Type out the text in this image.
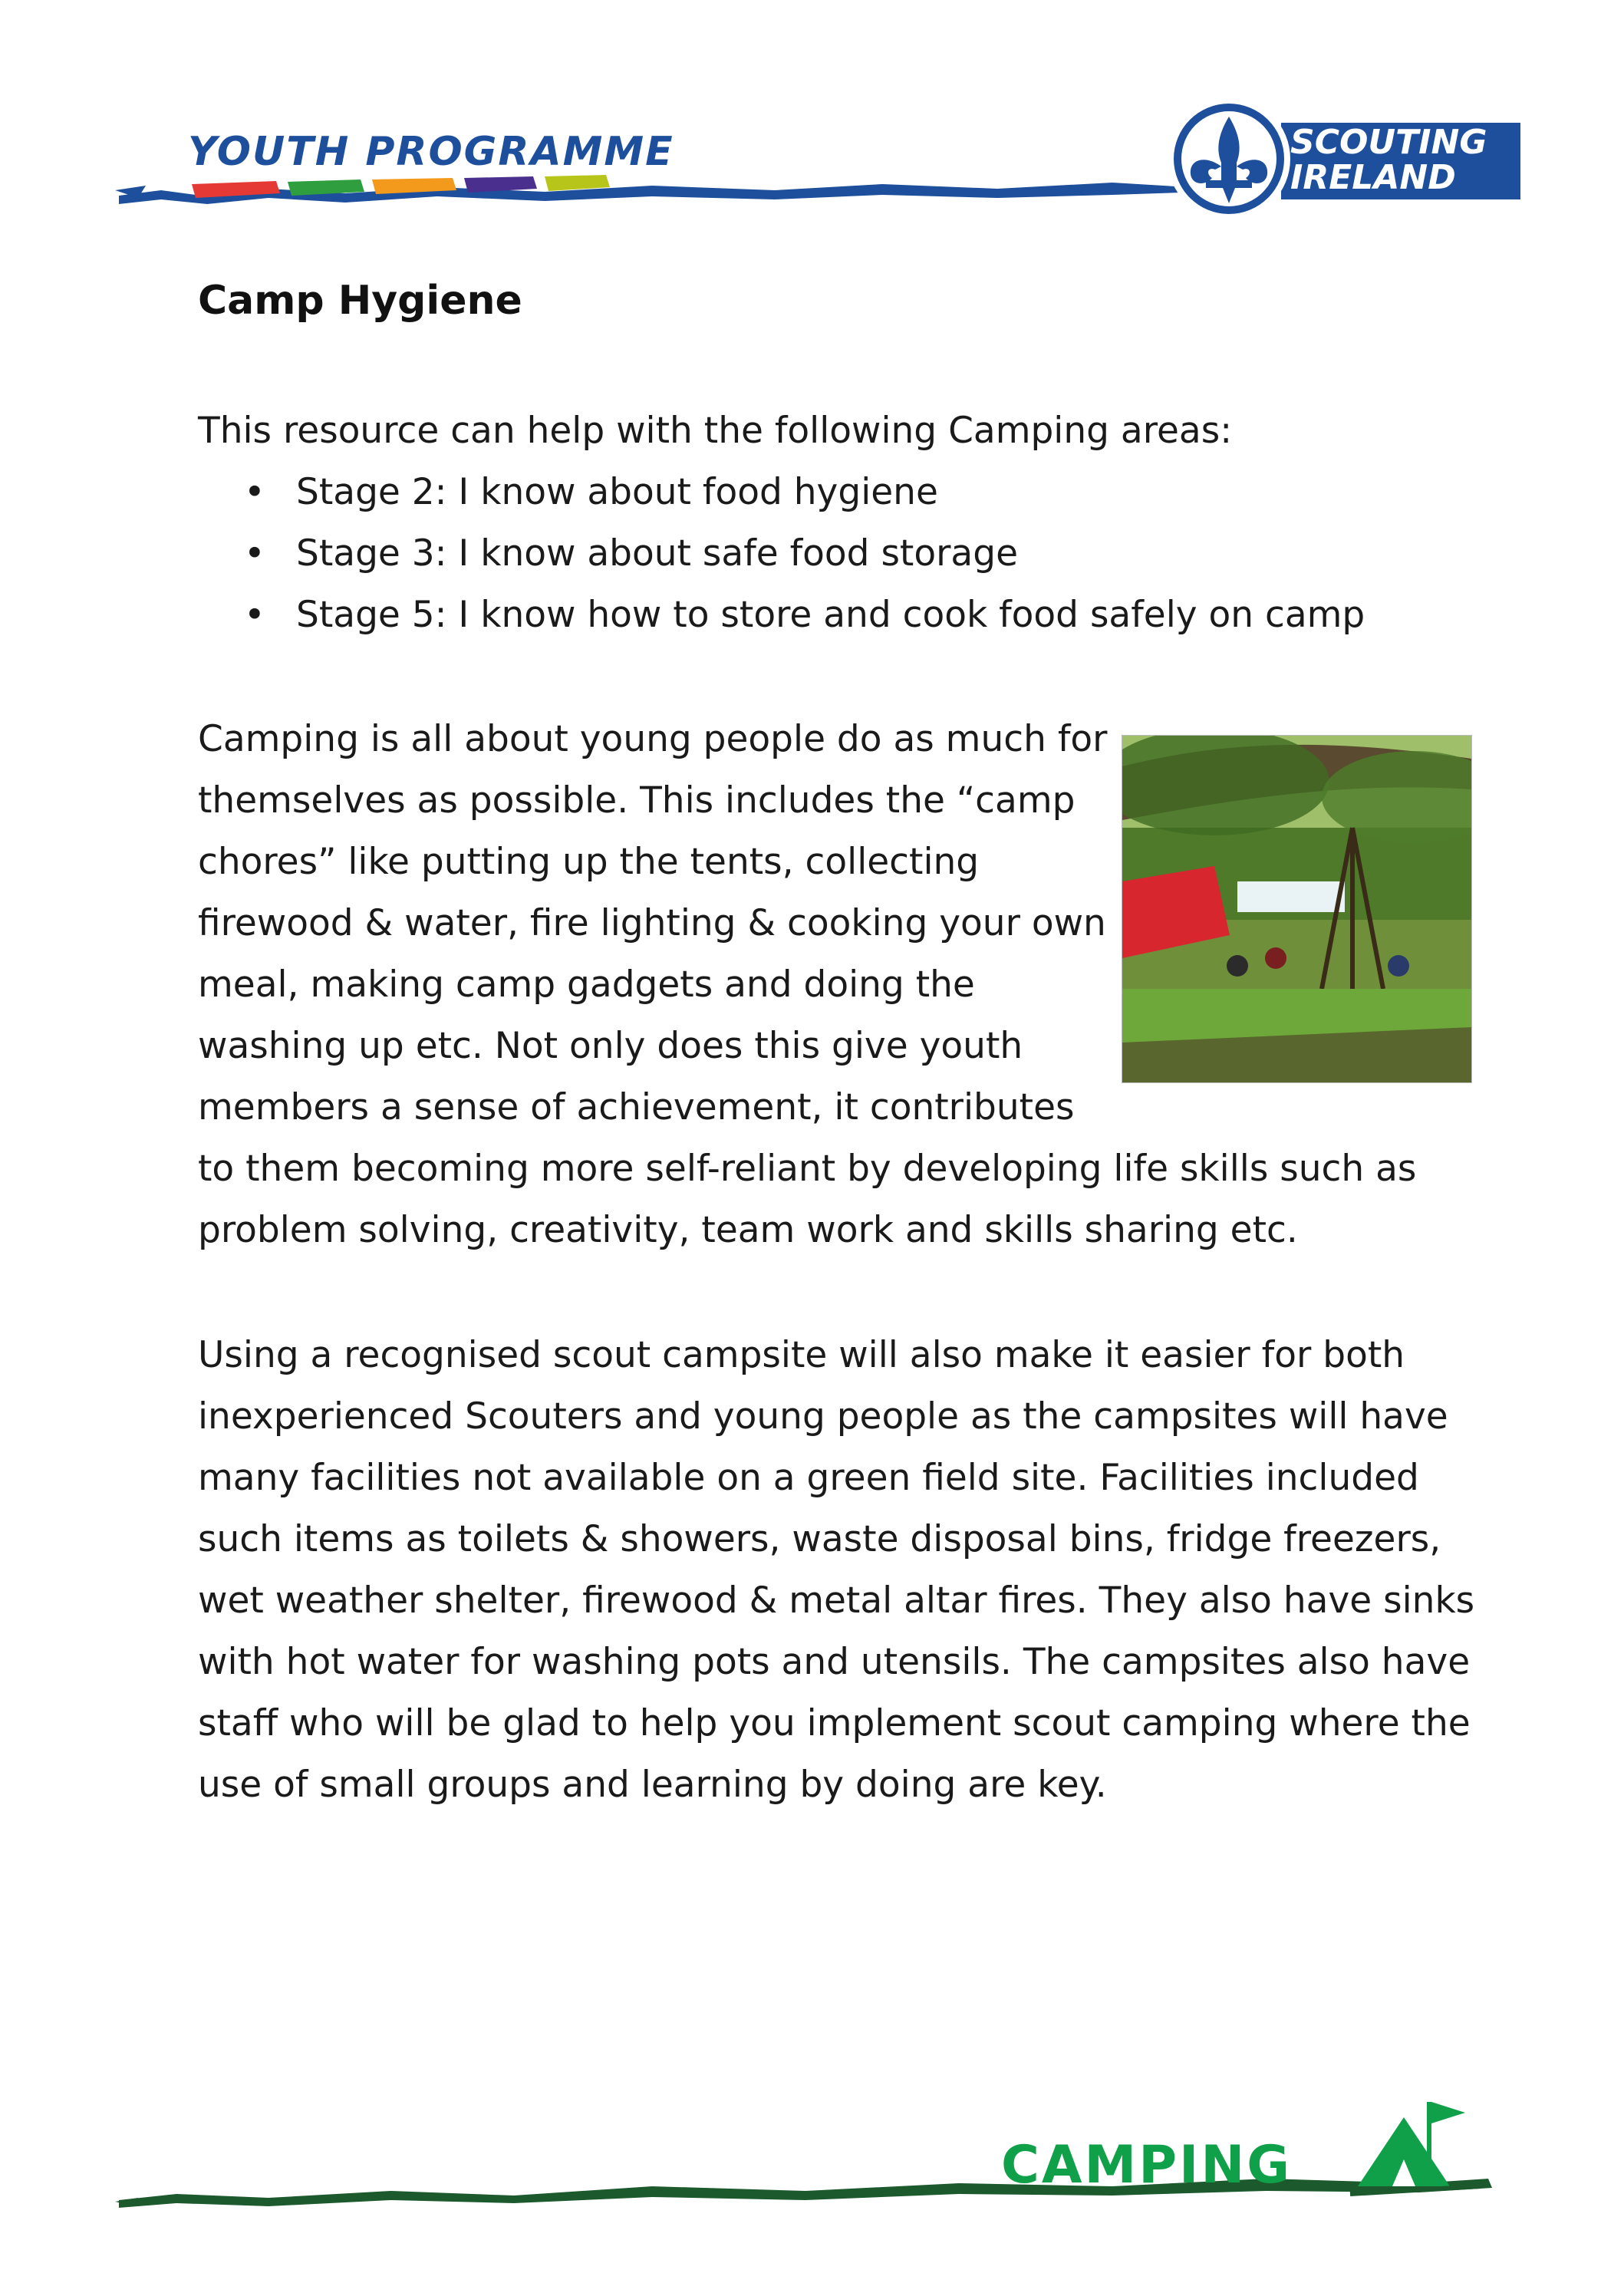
YOUTH PROGRAMME	SCOUTING
IRELAND
Camp Hygiene
This resource can help with the following Camping areas:
• Stage 2: I know about food hygiene
• Stage 3: I know about safe food storage
• Stage 5: I know how to store and cook food safely on camp
Camping is all about young people do as much for themselves as possible. This includes the “camp chores” like putting up the tents, collecting firewood & water, fire lighting & cooking your own meal, making camp gadgets and doing the washing up etc. Not only does this give youth members a sense of achievement, it contributes to them becoming more self-reliant by developing life skills such as problem solving, creativity, team work and skills sharing etc.
Using a recognised scout campsite will also make it easier for both inexperienced Scouters and young people as the campsites will have many facilities not available on a green field site. Facilities included such items as toilets & showers, waste disposal bins, fridge freezers, wet weather shelter, firewood & metal altar fires. They also have sinks with hot water for washing pots and utensils. The campsites also have staff who will be glad to help you implement scout camping where the use of small groups and learning by doing are key.
CAMPING
